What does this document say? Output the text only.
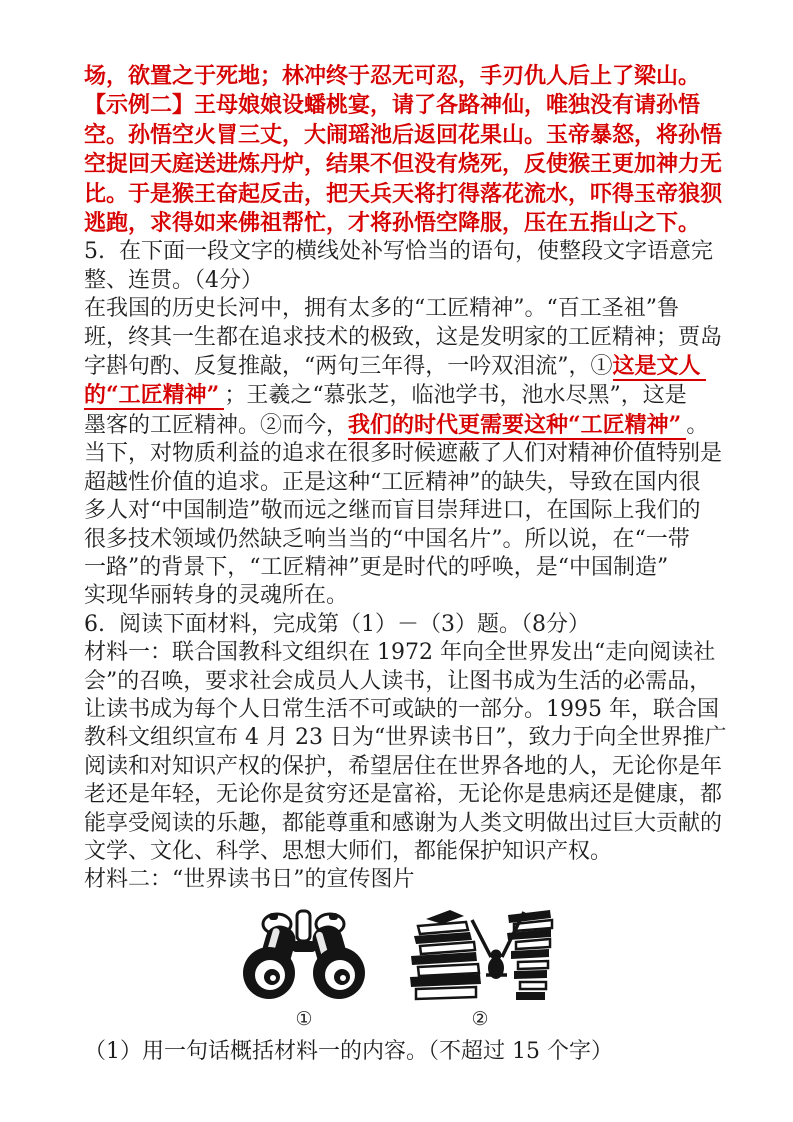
场，欲置之于死地；林冲终于忍无可忍，手刃仇人后上了梁山。
【示例二】王母娘娘设蟠桃宴，请了各路神仙，唯独没有请孙悟
空。孙悟空火冒三丈，大闹瑶池后返回花果山。玉帝暴怒，将孙悟
空捉回天庭送进炼丹炉，结果不但没有烧死，反使猴王更加神力无
比。于是猴王奋起反击，把天兵天将打得落花流水，吓得玉帝狼狈
逃跑，求得如来佛祖帮忙，才将孙悟空降服，压在五指山之下。
5.  在下面一段文字的横线处补写恰当的语句，使整段文字语意完
整、连贯。（4分）
在我国的历史长河中，拥有太多的“工匠精神”。“百工圣祖”鲁
班，终其一生都在追求技术的极致，这是发明家的工匠精神；贾岛
字斟句酌、反复推敲，“两句三年得，一吟双泪流”，①这是文人
的“工匠精神” ；王羲之“慕张芝，临池学书，池水尽黑”，这是
墨客的工匠精神。②而今，我们的时代更需要这种“工匠精神” 。
当下，对物质利益的追求在很多时候遮蔽了人们对精神价值特别是
超越性价值的追求。正是这种“工匠精神”的缺失，导致在国内很
多人对“中国制造”敬而远之继而盲目崇拜进口，在国际上我们的
很多技术领域仍然缺乏响当当的“中国名片”。所以说，在“一带
一路”的背景下，“工匠精神”更是时代的呼唤，是“中国制造”
实现华丽转身的灵魂所在。
6.  阅读下面材料，完成第（1）－（3）题。（8分）
材料一：联合国教科文组织在 1972 年向全世界发出“走向阅读社
会”的召唤，要求社会成员人人读书，让图书成为生活的必需品，
让读书成为每个人日常生活不可或缺的一部分。1995 年，联合国
教科文组织宣布 4 月 23 日为“世界读书日”，致力于向全世界推广
阅读和对知识产权的保护，希望居住在世界各地的人，无论你是年
老还是年轻，无论你是贫穷还是富裕，无论你是患病还是健康，都
能享受阅读的乐趣，都能尊重和感谢为人类文明做出过巨大贡献的
文学、文化、科学、思想大师们，都能保护知识产权。
材料二：“世界读书日”的宣传图片
①	②
（1）用一句话概括材料一的内容。（不超过 15 个字）
